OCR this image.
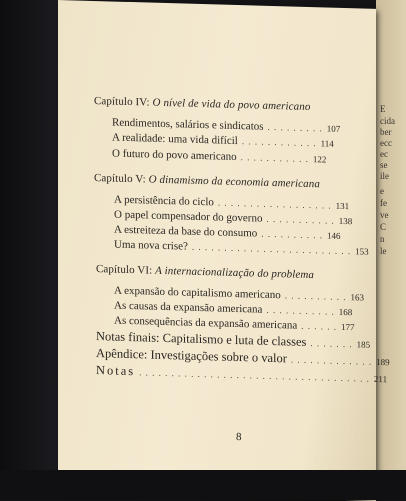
E
cida
ber
ecc
ec
se
ile
e
fe
ve
C
n
le
Capítulo IV: O nível de vida do povo americano
Rendimentos, salários e sindicatos . . . . . . . . . 107
A realidade: uma vida difícil . . . . . . . . . . . . 114
O futuro do povo americano . . . . . . . . . . . 122
Capítulo V: O dinamismo da economia americana
A persistência do ciclo . . . . . . . . . . . . . . . . . . 131
O papel compensador do governo . . . . . . . . . . . 138
A estreiteza da base do consumo . . . . . . . . . . 146
Uma nova crise? . . . . . . . . . . . . . . . . . . . . . . . . . 153
Capítulo VI: A internacionalização do problema
A expansão do capitalismo americano . . . . . . . . . . 163
As causas da expansão americana . . . . . . . . . . . 168
As consequências da expansão americana . . . . . . 177
Notas finais: Capitalismo e luta de classes . . . . . . . 185
Apêndice: Investigações sobre o valor . . . . . . . . . . . . . 189
Notas . . . . . . . . . . . . . . . . . . . . . . . . . . . . . . . . . . . . 211
8
